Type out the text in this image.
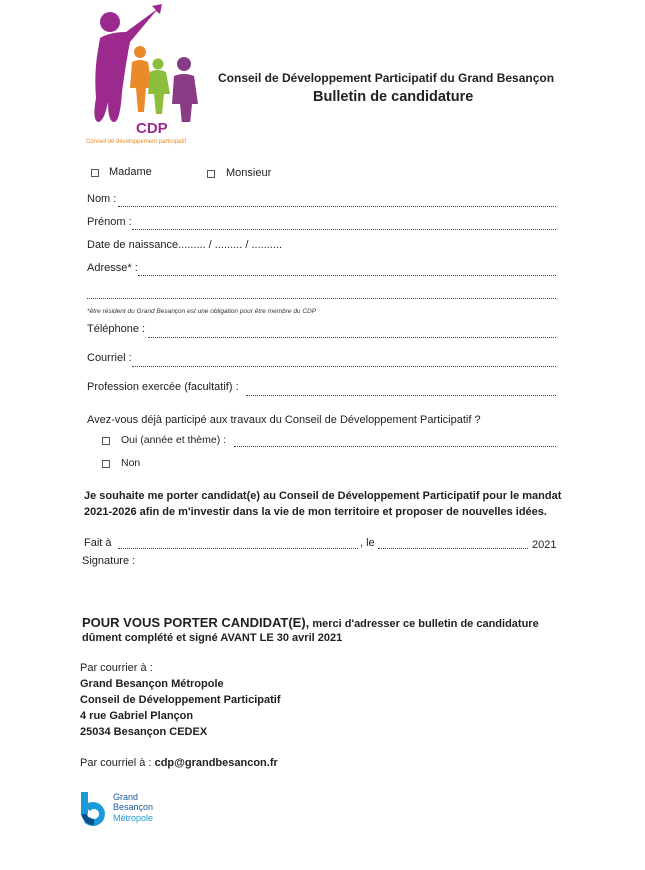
CDP
Conseil de développement participatif
Conseil de Développement Participatif du Grand Besançon
Bulletin de candidature
Madame	Monsieur
Nom :
Prénom :
Date de naissance......... / ......... / ..........
Adresse* :
*être résident du Grand Besançon est une obligation pour être membre du CDP
Téléphone :
Courriel :
Profession exercée (facultatif) :
Avez-vous déjà participé aux travaux du Conseil de Développement Participatif ?
Oui (année et thème) :
Non
Je souhaite me porter candidat(e) au Conseil de Développement Participatif pour le mandat
2021-2026 afin de m'investir dans la vie de mon territoire et proposer de nouvelles idées.
Fait à	, le	2021
Signature :
POUR VOUS PORTER CANDIDAT(E), merci d'adresser ce bulletin de candidature
dûment complété et signé AVANT LE 30 avril 2021
Par courrier à :
Grand Besançon Métropole
Conseil de Développement Participatif
4 rue Gabriel Plançon
25034 Besançon CEDEX
Par courriel à : cdp@grandbesancon.fr
Grand
Besançon
Métropole
